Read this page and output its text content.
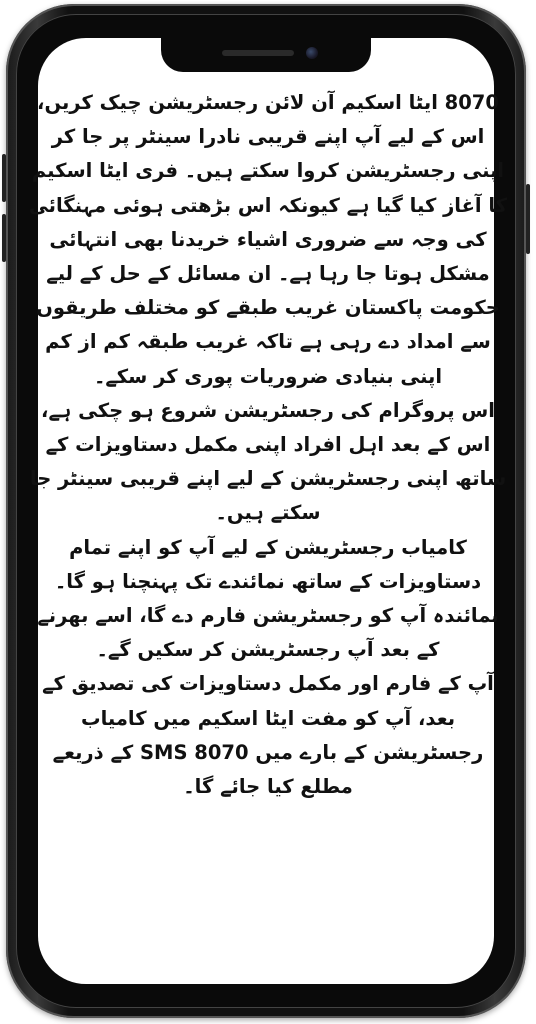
8070 ایٹا اسکیم آن لائن رجسٹریشن چیک کریں، اس کے لیے آپ اپنے قریبی نادرا سینٹر پر جا کر اپنی رجسٹریشن کروا سکتے ہیں۔ فری ایٹا اسکیم کا آغاز کیا گیا ہے کیونکہ اس بڑھتی ہوئی مہنگائی کی وجہ سے ضروری اشیاء خریدنا بھی انتہائی مشکل ہوتا جا رہا ہے۔ ان مسائل کے حل کے لیے حکومت پاکستان غریب طبقے کو مختلف طریقوں سے امداد دے رہی ہے تاکہ غریب طبقہ کم از کم اپنی بنیادی ضروریات پوری کر سکے۔

اس پروگرام کی رجسٹریشن شروع ہو چکی ہے، اس کے بعد اہل افراد اپنی مکمل دستاویزات کے ساتھ اپنی رجسٹریشن کے لیے اپنے قریبی سینٹر جا سکتے ہیں۔

کامیاب رجسٹریشن کے لیے آپ کو اپنے تمام دستاویزات کے ساتھ نمائندے تک پہنچنا ہو گا۔

نمائندہ آپ کو رجسٹریشن فارم دے گا، اسے بھرنے کے بعد آپ رجسٹریشن کر سکیں گے۔

آپ کے فارم اور مکمل دستاویزات کی تصدیق کے بعد، آپ کو مفت ایٹا اسکیم میں کامیاب رجسٹریشن کے بارے میں SMS 8070 کے ذریعے مطلع کیا جائے گا۔
